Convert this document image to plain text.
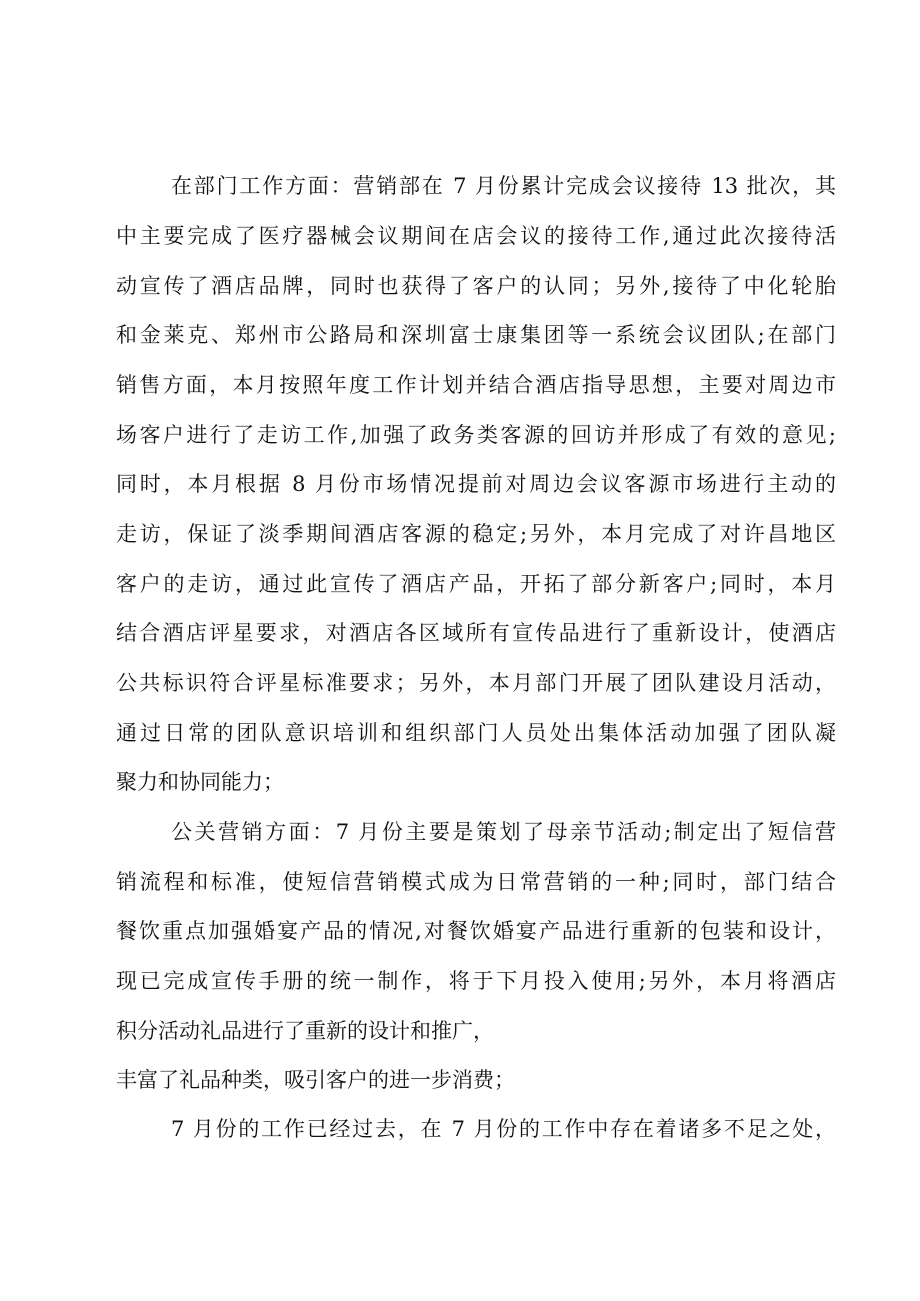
在部门工作方面：营销部在 7 月份累计完成会议接待 13 批次，其
中主要完成了医疗器械会议期间在店会议的接待工作,通过此次接待活
动宣传了酒店品牌，同时也获得了客户的认同；另外,接待了中化轮胎
和金莱克、郑州市公路局和深圳富士康集团等一系统会议团队;在部门
销售方面，本月按照年度工作计划并结合酒店指导思想，主要对周边市
场客户进行了走访工作,加强了政务类客源的回访并形成了有效的意见;
同时，本月根据 8 月份市场情况提前对周边会议客源市场进行主动的
走访，保证了淡季期间酒店客源的稳定;另外，本月完成了对许昌地区
客户的走访，通过此宣传了酒店产品，开拓了部分新客户;同时，本月
结合酒店评星要求，对酒店各区域所有宣传品进行了重新设计，使酒店
公共标识符合评星标准要求；另外，本月部门开展了团队建设月活动，
通过日常的团队意识培训和组织部门人员处出集体活动加强了团队凝
聚力和协同能力；
公关营销方面：7 月份主要是策划了母亲节活动;制定出了短信营
销流程和标准，使短信营销模式成为日常营销的一种;同时，部门结合
餐饮重点加强婚宴产品的情况,对餐饮婚宴产品进行重新的包装和设计，
现已完成宣传手册的统一制作，将于下月投入使用;另外，本月将酒店
积分活动礼品进行了重新的设计和推广，
丰富了礼品种类，吸引客户的进一步消费；
7 月份的工作已经过去，在 7 月份的工作中存在着诸多不足之处，
